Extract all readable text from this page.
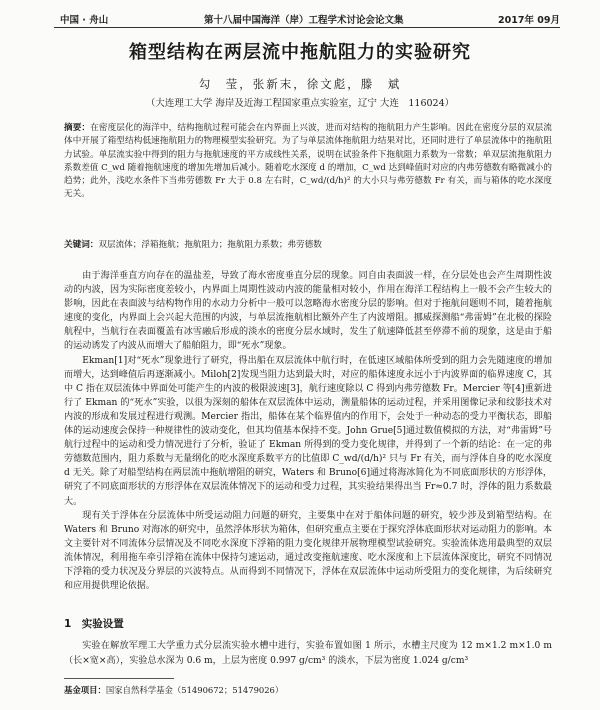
中国 · 舟山	第十八届中国海洋（岸）工程学术讨论会论文集	2017年 09月
箱型结构在两层流中拖航阻力的实验研究
勾　莹，张新末，徐文彪，滕　斌
（大连理工大学 海岸及近海工程国家重点实验室，辽宁 大连　116024）
摘要：在密度层化的海洋中，结构拖航过程可能会在内界面上兴波，进而对结构的拖航阻力产生影响。因此在密度分层的双层流体中开展了箱型结构低速拖航阻力的物理模型实验研究。为了与单层流体拖航阻力结果对比，还同时进行了单层流体中的拖航阻力试验。单层流实验中得到的阻力与拖航速度的平方成线性关系，说明在试验条件下拖航阻力系数为一常数；单双层流拖航阻力系数差值 C_wd 随着拖航速度的增加先增加后减小。随着吃水深度 d 的增加，C_wd 达到峰值时对应的内弗劳德数有略微减小的趋势；此外，浅吃水条件下当弗劳德数 Fr 大于 0.8 左右时，C_wd/(d/h)² 的大小只与弗劳德数 Fr 有关，而与箱体的吃水深度无关。
关键词：双层流体；浮箱拖航；拖航阻力；拖航阻力系数；弗劳德数

由于海洋垂直方向存在的温盐差，导致了海水密度垂直分层的现象。同自由表面波一样，在分层处也会产生周期性波动的内波，因为实际密度差较小，内界面上周期性波动内波的能量相对较小，作用在海洋工程结构上一般不会产生较大的影响，因此在表面波与结构物作用的水动力分析中一般可以忽略海水密度分层的影响。但对于拖航问题则不同，随着拖航速度的变化，内界面上会兴起大范围的内波，与单层流拖航相比额外产生了内波增阻。挪威探测船“弗雷姆”在北极的探险航程中，当航行在表面覆盖有冰雪融后形成的淡水的密度分层水域时，发生了航速降低甚至停滞不前的现象，这是由于船的运动诱发了内波从而增大了船舶阻力，即“死水”现象。

Ekman[1]对“死水”现象进行了研究，得出船在双层流体中航行时，在低速区域船体所受到的阻力会先随速度的增加而增大，达到峰值后再逐渐减小。Miloh[2]发现当阻力达到最大时，对应的船体速度永远小于内波界面的临界速度 C，其中 C 指在双层流体中界面处可能产生的内波的极限波速[3]，航行速度除以 C 得到内弗劳德数 Fr。Mercier 等[4]重新进行了 Ekman 的“死水”实验，以很为深刻的船体在双层流体中运动，测量船体的运动过程，并采用图像记录和纹影技术对内波的形成和发展过程进行观测。Mercier 指出，船体在某个临界值内的作用下，会处于一种动态的受力平衡状态，即船体的运动速度会保持一种规律性的波动变化，但其均值基本保持不变。John Grue[5]通过数值模拟的方法，对“弗雷姆”号航行过程中的运动和受力情况进行了分析，验证了 Ekman 所得到的受力变化规律，并得到了一个新的结论：在一定的弗劳德数范围内，阻力系数与无量纲化的吃水深度系数平方的比值即 C_wd/(d/h)² 只与 Fr 有关，而与浮体自身的吃水深度 d 无关。除了对船型结构在两层流中拖航增阻的研究，Waters 和 Bruno[6]通过将海冰简化为不同底面形状的方形浮体，研究了不同底面形状的方形浮体在双层流体情况下的运动和受力过程，其实验结果得出当 Fr≈0.7 时，浮体的阻力系数最大。

现有关于浮体在分层流体中所受运动阻力问题的研究，主要集中在对于船体问题的研究，较少涉及到箱型结构。在 Waters 和 Bruno 对海冰的研究中，虽然浮体形状为箱体，但研究重点主要在于探究浮体底面形状对运动阻力的影响。本文主要针对不同流体分层情况及不同吃水深度下浮箱的阻力变化规律开展物理模型试验研究。实验流体选用最典型的双层流体情况，利用拖车牵引浮箱在流体中保持匀速运动，通过改变拖航速度、吃水深度和上下层流体深度比，研究不同情况下浮箱的受力状况及分界层的兴波特点。从而得到不同情况下，浮体在双层流体中运动所受阻力的变化规律，为后续研究和应用提供理论依据。

1　实验设置

实验在解放军理工大学重力式分层流实验水槽中进行，实验布置如图 1 所示，水槽主尺度为 12 m×1.2 m×1.0 m（长×宽×高），实验总水深为 0.6 m，上层为密度 0.997 g/cm³ 的淡水，下层为密度 1.024 g/cm³

基金项目：国家自然科学基金（51490672；51479026）
